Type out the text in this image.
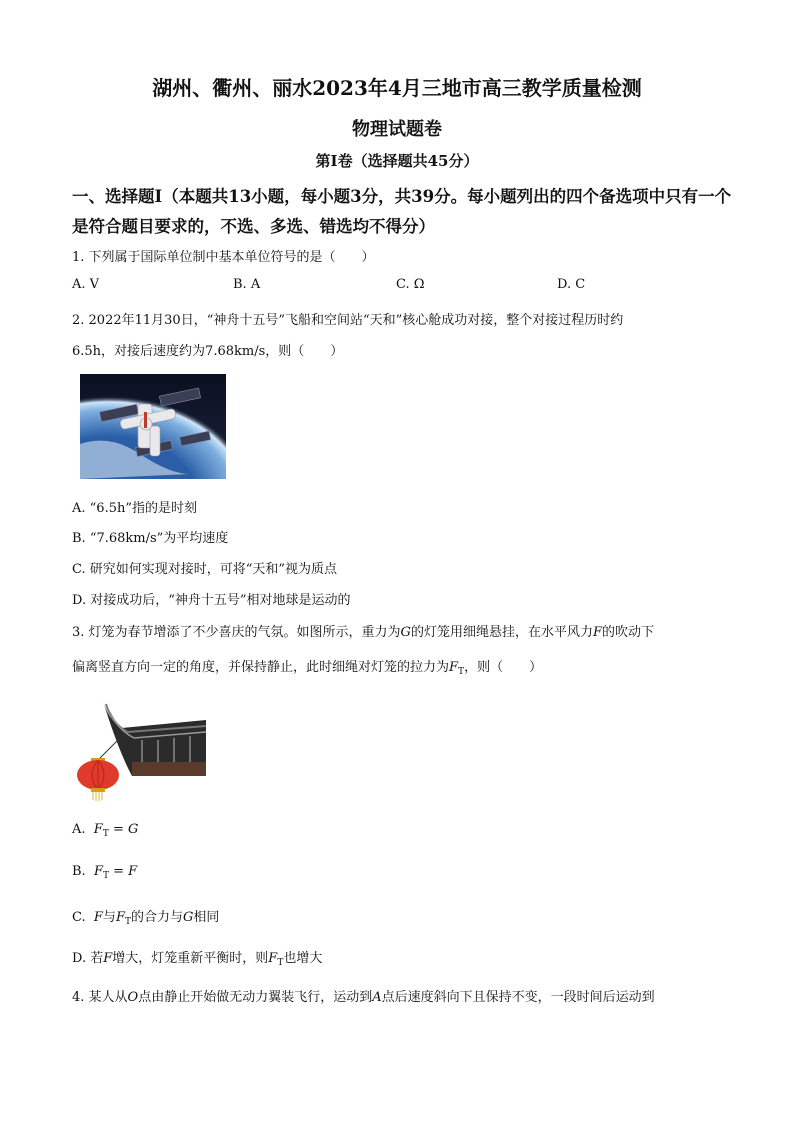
湖州、衢州、丽水2023年4月三地市高三教学质量检测
物理试题卷
第Ⅰ卷（选择题共45分）
一、选择题Ⅰ（本题共13小题，每小题3分，共39分。每小题列出的四个备选项中只有一个
是符合题目要求的，不选、多选、错选均不得分）
1. 下列属于国际单位制中基本单位符号的是（　　）
A. V	B. A	C. Ω	D. C
2. 2022年11月30日，“神舟十五号”飞船和空间站“天和”核心舱成功对接，整个对接过程历时约
6.5h，对接后速度约为7.68km/s，则（　　）
A. “6.5h”指的是时刻
B. “7.68km/s”为平均速度
C. 研究如何实现对接时，可将“天和”视为质点
D. 对接成功后，“神舟十五号”相对地球是运动的
3. 灯笼为春节增添了不少喜庆的气氛。如图所示，重力为G的灯笼用细绳悬挂，在水平风力F的吹动下
偏离竖直方向一定的角度，并保持静止，此时细绳对灯笼的拉力为$F_T$，则（　　）
A. $F_T = G$
B. $F_T = F$
C. F与$F_T$的合力与G相同
D. 若F增大，灯笼重新平衡时，则$F_T$也增大
4. 某人从O点由静止开始做无动力翼装飞行，运动到A点后速度斜向下且保持不变，一段时间后运动到
